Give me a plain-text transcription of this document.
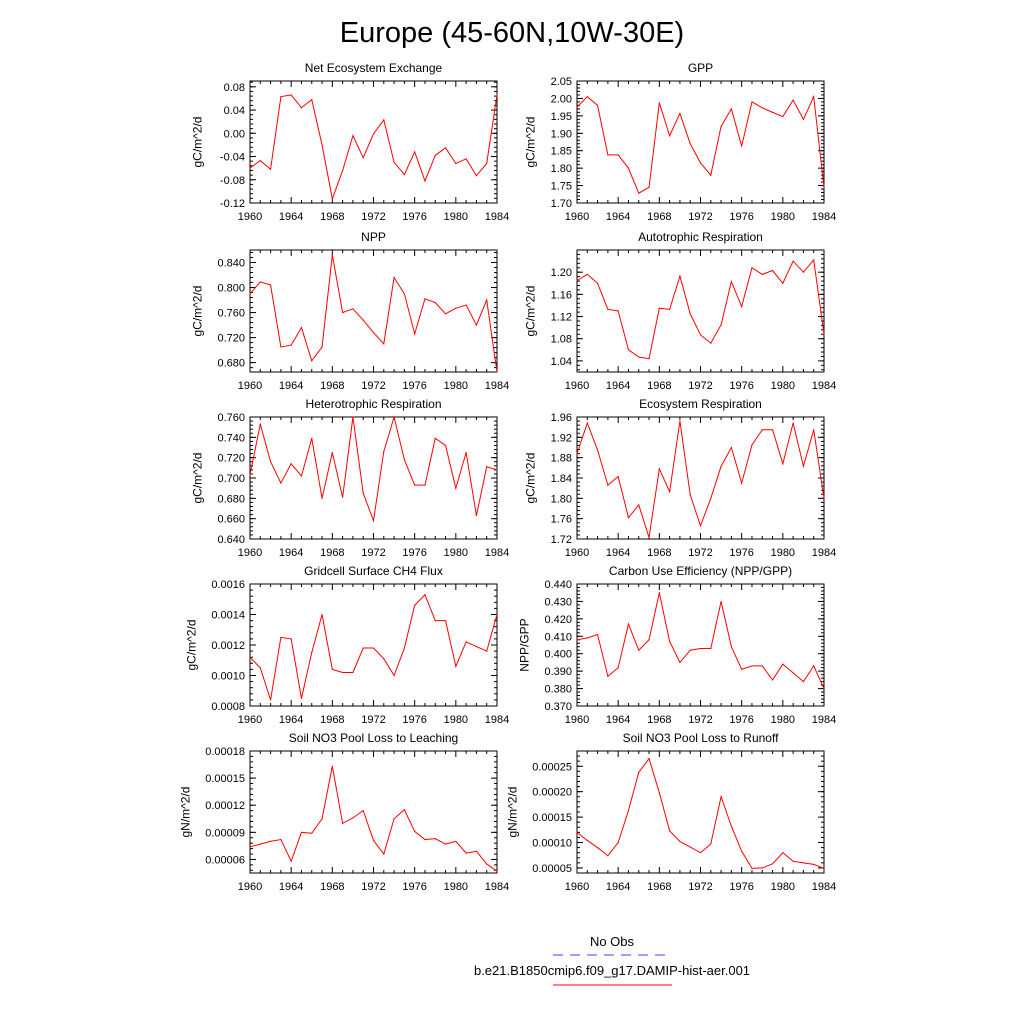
Europe (45-60N,10W-30E)
Net Ecosystem Exchange
1960 1964 1968 1972 1976 1980 1984
-0.12
-0.08
-0.04
0.00
0.04
0.08
gC/m^2/d
GPP
1960 1964 1968 1972 1976 1980 1984
1.70
1.75
1.80
1.85
1.90
1.95
2.00
2.05
gC/m^2/d
NPP
1960 1964 1968 1972 1976 1980 1984
0.680
0.720
0.760
0.800
0.840
gC/m^2/d
Autotrophic Respiration
1960 1964 1968 1972 1976 1980 1984
1.04
1.08
1.12
1.16
1.20
gC/m^2/d
Heterotrophic Respiration
1960 1964 1968 1972 1976 1980 1984
0.640
0.660
0.680
0.700
0.720
0.740
0.760
gC/m^2/d
Ecosystem Respiration
1960 1964 1968 1972 1976 1980 1984
1.72
1.76
1.80
1.84
1.88
1.92
1.96
gC/m^2/d
Gridcell Surface CH4 Flux
1960 1964 1968 1972 1976 1980 1984
0.0008
0.0010
0.0012
0.0014
0.0016
gC/m^2/d
Carbon Use Efficiency (NPP/GPP)
1960 1964 1968 1972 1976 1980 1984
0.370
0.380
0.390
0.400
0.410
0.420
0.430
0.440
NPP/GPP
Soil NO3 Pool Loss to Leaching
1960 1964 1968 1972 1976 1980 1984
0.00006
0.00009
0.00012
0.00015
0.00018
gN/m^2/d
Soil NO3 Pool Loss to Runoff
1960 1964 1968 1972 1976 1980 1984
0.00005
0.00010
0.00015
0.00020
0.00025
gN/m^2/d
No Obs
b.e21.B1850cmip6.f09_g17.DAMIP-hist-aer.001
